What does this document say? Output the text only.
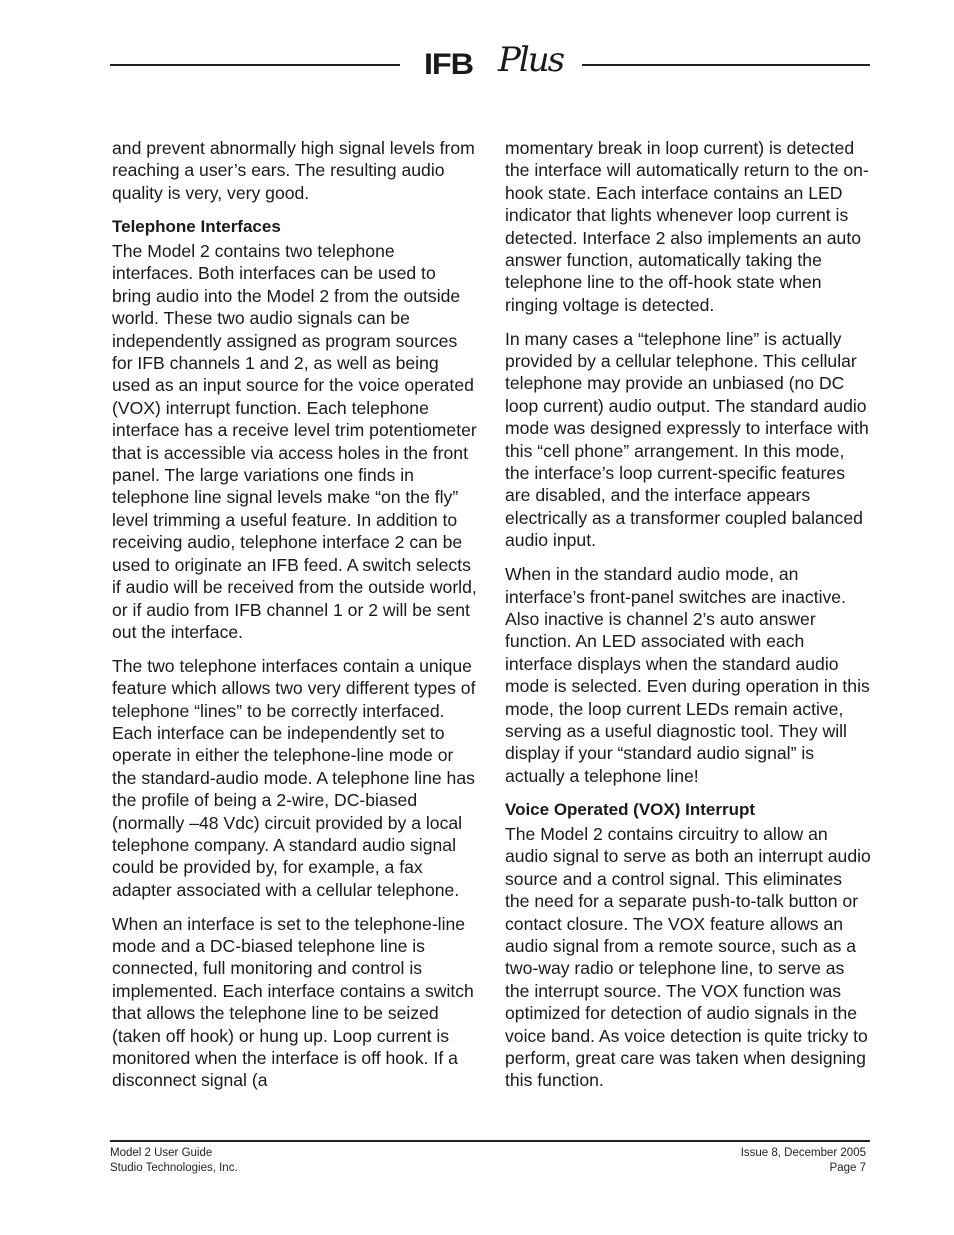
IFB Plus

and prevent abnormally high signal levels from reaching a user’s ears. The resulting audio quality is very, very good.

Telephone Interfaces

The Model 2 contains two telephone interfaces. Both interfaces can be used to bring audio into the Model 2 from the outside world. These two audio signals can be independently assigned as program sources for IFB channels 1 and 2, as well as being used as an input source for the voice operated (VOX) interrupt function. Each telephone interface has a receive level trim potentiometer that is accessible via access holes in the front panel. The large variations one finds in telephone line signal levels make “on the fly” level trimming a useful feature. In addition to receiving audio, telephone interface 2 can be used to originate an IFB feed. A switch selects if audio will be received from the outside world, or if audio from IFB channel 1 or 2 will be sent out the interface.

The two telephone interfaces contain a unique feature which allows two very different types of telephone “lines” to be correctly interfaced. Each interface can be independently set to operate in either the telephone-line mode or the standard-audio mode. A telephone line has the profile of being a 2-wire, DC-biased (normally –48 Vdc) circuit provided by a local telephone company. A standard audio signal could be provided by, for example, a fax adapter associated with a cellular telephone.

When an interface is set to the telephone-line mode and a DC-biased telephone line is connected, full monitoring and control is implemented. Each interface contains a switch that allows the telephone line to be seized (taken off hook) or hung up. Loop current is monitored when the interface is off hook. If a disconnect signal (a

momentary break in loop current) is detected the interface will automatically return to the on-hook state. Each interface contains an LED indicator that lights whenever loop current is detected. Interface 2 also implements an auto answer function, automatically taking the telephone line to the off-hook state when ringing voltage is detected.

In many cases a “telephone line” is actually provided by a cellular telephone. This cellular telephone may provide an unbiased (no DC loop current) audio output. The standard audio mode was designed expressly to interface with this “cell phone” arrangement. In this mode, the interface’s loop current-specific features are disabled, and the interface appears electrically as a transformer coupled balanced audio input.

When in the standard audio mode, an interface’s front-panel switches are inactive. Also inactive is channel 2’s auto answer function. An LED associated with each interface displays when the standard audio mode is selected. Even during operation in this mode, the loop current LEDs remain active, serving as a useful diagnostic tool. They will display if your “standard audio signal” is actually a telephone line!

Voice Operated (VOX) Interrupt

The Model 2 contains circuitry to allow an audio signal to serve as both an interrupt audio source and a control signal. This eliminates the need for a separate push-to-talk button or contact closure. The VOX feature allows an audio signal from a remote source, such as a two-way radio or telephone line, to serve as the interrupt source. The VOX function was optimized for detection of audio signals in the voice band. As voice detection is quite tricky to perform, great care was taken when designing this function.

Model 2 User Guide
Studio Technologies, Inc.
Issue 8, December 2005
Page 7
